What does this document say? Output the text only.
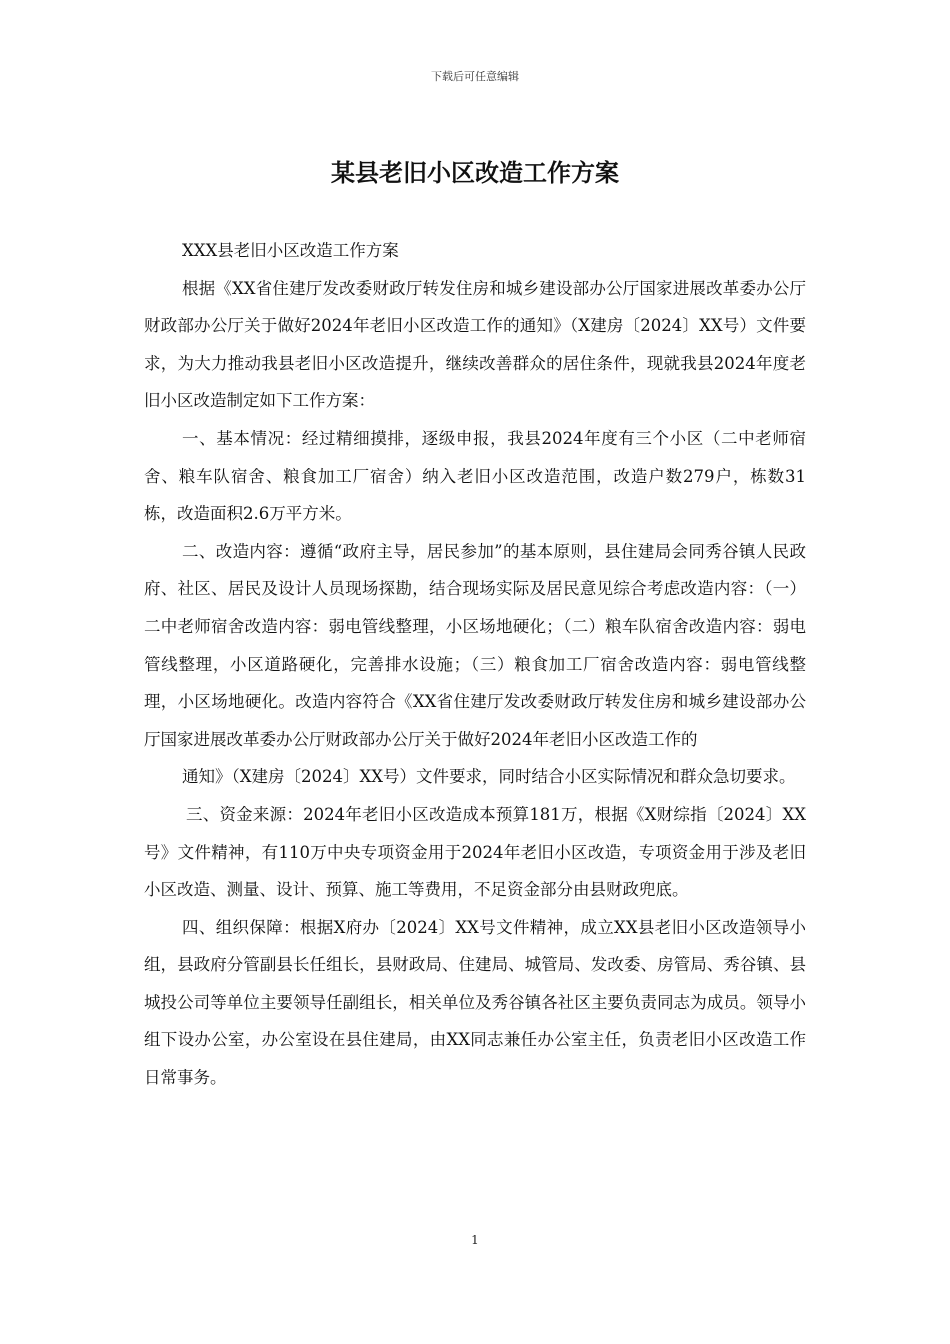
下载后可任意编辑
某县老旧小区改造工作方案

XXX县老旧小区改造工作方案

根据《XX省住建厅发改委财政厅转发住房和城乡建设部办公厅国家进展改革委办公厅财政部办公厅关于做好2024年老旧小区改造工作的通知》（X建房〔2024〕XX号）文件要求，为大力推动我县老旧小区改造提升，继续改善群众的居住条件，现就我县2024年度老旧小区改造制定如下工作方案：

一、基本情况：经过精细摸排，逐级申报，我县2024年度有三个小区（二中老师宿舍、粮车队宿舍、粮食加工厂宿舍）纳入老旧小区改造范围，改造户数279户，栋数31栋，改造面积2.6万平方米。

二、改造内容：遵循“政府主导，居民参加”的基本原则，县住建局会同秀谷镇人民政府、社区、居民及设计人员现场探勘，结合现场实际及居民意见综合考虑改造内容：（一）二中老师宿舍改造内容：弱电管线整理，小区场地硬化；（二）粮车队宿舍改造内容：弱电管线整理，小区道路硬化，完善排水设施；（三）粮食加工厂宿舍改造内容：弱电管线整理，小区场地硬化。改造内容符合《XX省住建厅发改委财政厅转发住房和城乡建设部办公厅国家进展改革委办公厅财政部办公厅关于做好2024年老旧小区改造工作的

通知》（X建房〔2024〕XX号）文件要求，同时结合小区实际情况和群众急切要求。

三、资金来源：2024年老旧小区改造成本预算181万，根据《X财综指〔2024〕XX号》文件精神，有110万中央专项资金用于2024年老旧小区改造，专项资金用于涉及老旧小区改造、测量、设计、预算、施工等费用，不足资金部分由县财政兜底。

四、组织保障：根据X府办〔2024〕XX号文件精神，成立XX县老旧小区改造领导小组，县政府分管副县长任组长，县财政局、住建局、城管局、发改委、房管局、秀谷镇、县城投公司等单位主要领导任副组长，相关单位及秀谷镇各社区主要负责同志为成员。领导小组下设办公室，办公室设在县住建局，由XX同志兼任办公室主任，负责老旧小区改造工作日常事务。

1
